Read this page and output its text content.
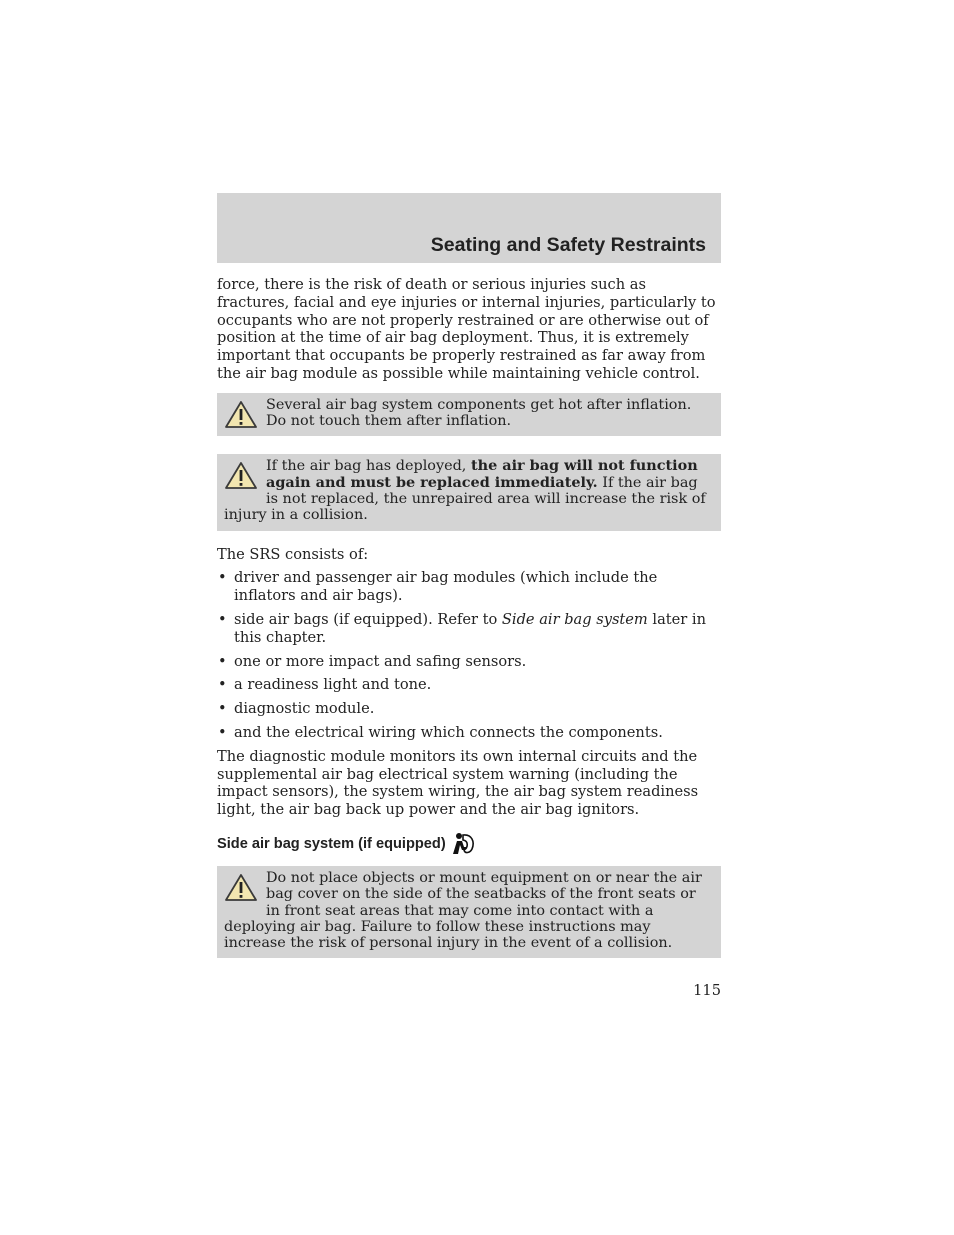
Seating and Safety Restraints

force, there is the risk of death or serious injuries such as fractures, facial and eye injuries or internal injuries, particularly to occupants who are not properly restrained or are otherwise out of position at the time of air bag deployment. Thus, it is extremely important that occupants be properly restrained as far away from the air bag module as possible while maintaining vehicle control.

Several air bag system components get hot after inflation. Do not touch them after inflation.
If the air bag has deployed, the air bag will not function again and must be replaced immediately. If the air bag is not replaced, the unrepaired area will increase the risk of injury in a collision.

The SRS consists of:

• driver and passenger air bag modules (which include the inflators and air bags).
• side air bags (if equipped). Refer to Side air bag system later in this chapter.
• one or more impact and safing sensors.
• a readiness light and tone.
• diagnostic module.
• and the electrical wiring which connects the components.

The diagnostic module monitors its own internal circuits and the supplemental air bag electrical system warning (including the impact sensors), the system wiring, the air bag system readiness light, the air bag back up power and the air bag ignitors.

Side air bag system (if equipped)
Do not place objects or mount equipment on or near the air bag cover on the side of the seatbacks of the front seats or in front seat areas that may come into contact with a deploying air bag. Failure to follow these instructions may increase the risk of personal injury in the event of a collision.
115
